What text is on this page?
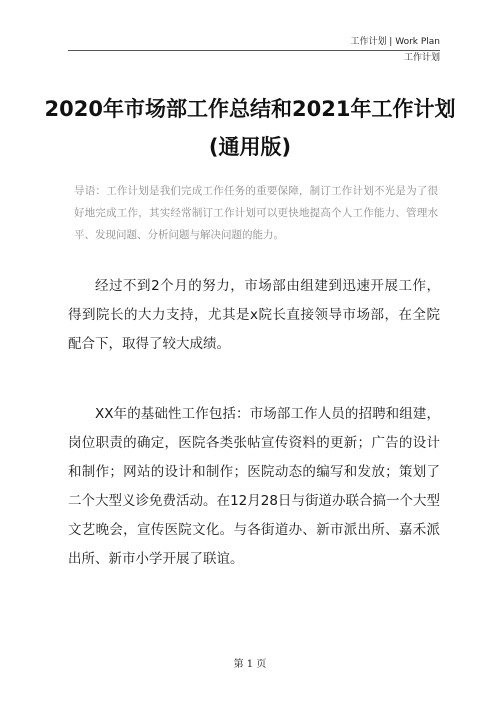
工作计划 | Work Plan
工作计划
2020年市场部工作总结和2021年工作计划
(通用版)
导语：工作计划是我们完成工作任务的重要保障，制订工作计划不光是为了很好地完成工作，其实经常制订工作计划可以更快地提高个人工作能力、管理水平、发现问题、分析问题与解决问题的能力。
经过不到2个月的努力，市场部由组建到迅速开展工作，得到院长的大力支持，尤其是x院长直接领导市场部，在全院配合下，取得了较大成绩。
XX年的基础性工作包括：市场部工作人员的招聘和组建，岗位职责的确定，医院各类张帖宣传资料的更新；广告的设计和制作；网站的设计和制作；医院动态的编写和发放；策划了二个大型义诊免费活动。在12月28日与街道办联合搞一个大型文艺晚会，宣传医院文化。与各街道办、新市派出所、嘉禾派出所、新市小学开展了联谊。
第 1 页
